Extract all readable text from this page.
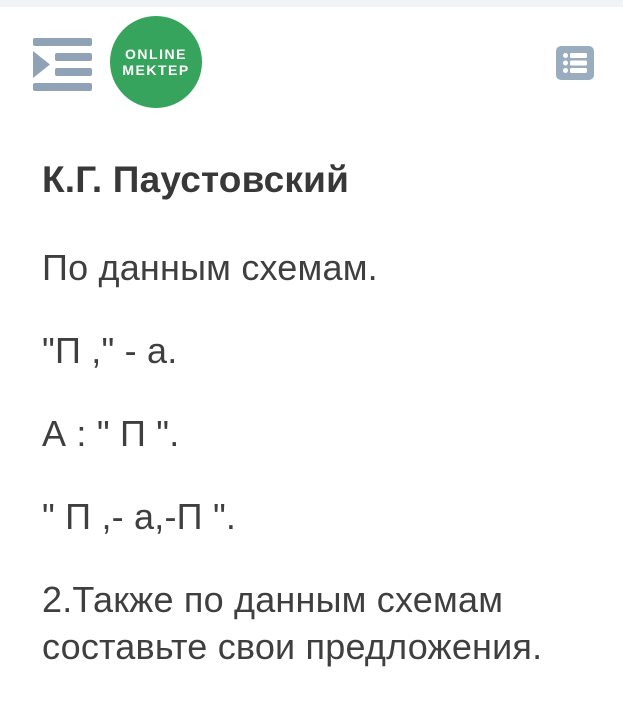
ONLINE
MEKTEP
К.Г. Паустовский

По данным схемам.

"П ," - а.

А : " П ".

" П ,- а,-П ".

2.Также по данным схемам составьте свои предложения.
